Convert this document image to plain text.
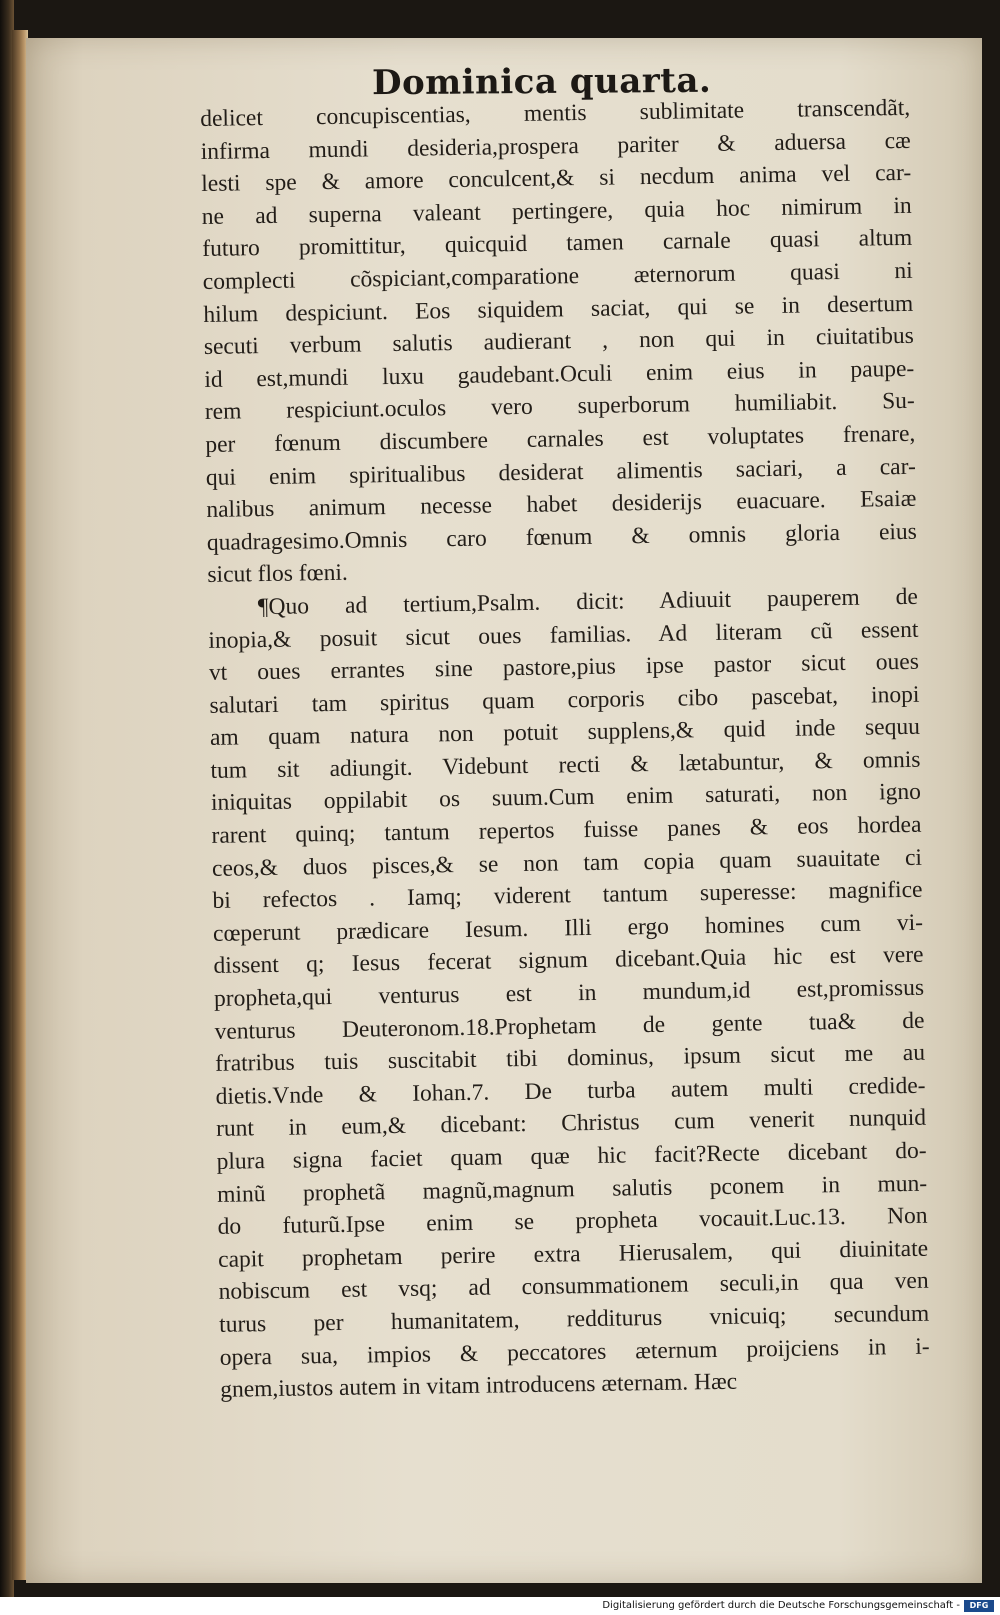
Dominica quarta.
delicet concupiscentias, mentis sublimitate transcendãt,
infirma mundi desideria,prospera pariter & aduersa cæ
lesti spe & amore conculcent,& si necdum anima vel car-
ne ad superna valeant pertingere, quia hoc nimirum in
futuro promittitur, quicquid tamen carnale quasi altum
complecti cõspiciant,comparatione æternorum quasi ni
hilum despiciunt. Eos siquidem saciat, qui se in desertum
secuti verbum salutis audierant , non qui in ciuitatibus
id est,mundi luxu gaudebant.Oculi enim eius in paupe-
rem respiciunt.oculos vero superborum humiliabit. Su-
per fœnum discumbere carnales est voluptates frenare,
qui enim spiritualibus desiderat alimentis saciari, a car-
nalibus animum necesse habet desiderijs euacuare. Esaiæ
quadragesimo.Omnis caro fœnum & omnis gloria eius
sicut flos fœni.
¶Quo ad tertium,Psalm. dicit: Adiuuit pauperem de
inopia,& posuit sicut oues familias. Ad literam cũ essent
vt oues errantes sine pastore,pius ipse pastor sicut oues
salutari tam spiritus quam corporis cibo pascebat, inopi
am quam natura non potuit supplens,& quid inde sequu
tum sit adiungit. Videbunt recti & lætabuntur, & omnis
iniquitas oppilabit os suum.Cum enim saturati, non igno
rarent quinq; tantum repertos fuisse panes & eos hordea
ceos,& duos pisces,& se non tam copia quam suauitate ci
bi refectos . Iamq; viderent tantum superesse: magnifice
cœperunt prædicare Iesum. Illi ergo homines cum vi-
dissent q; Iesus fecerat signum dicebant.Quia hic est vere
propheta,qui venturus est in mundum,id est,promissus
venturus Deuteronom.18.Prophetam de gente tua& de
fratribus tuis suscitabit tibi dominus, ipsum sicut me au
dietis.Vnde & Iohan.7. De turba autem multi credide-
runt in eum,& dicebant: Christus cum venerit nunquid
plura signa faciet quam quæ hic facit?Recte dicebant do-
minũ prophetã magnũ,magnum salutis pconem in mun-
do futurũ.Ipse enim se propheta vocauit.Luc.13. Non
capit prophetam perire extra Hierusalem, qui diuinitate
nobiscum est vsq; ad consummationem seculi,in qua ven
turus per humanitatem, redditurus vnicuiq; secundum
opera sua, impios & peccatores æternum proijciens in i-
gnem,iustos autem in vitam introducens æternam. Hæc
Digitalisierung gefördert durch die Deutsche Forschungsgemeinschaft -	DFG
